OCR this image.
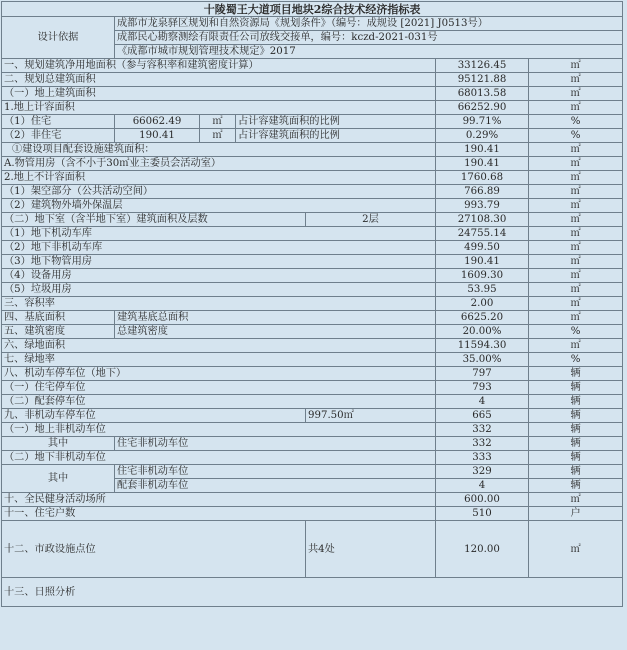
十陵蜀王大道项目地块2综合技术经济指标表						
设计依据	成都市龙泉驿区规划和自然资源局《规划条件》（编号：成规设 [2021] J0513号）					
	成都民心勘察测绘有限责任公司放线交接单，编号：kczd-2021-031号					
	《成都市城市规划管理技术规定》2017					
一、规划建筑净用地面积（参与容积率和建筑密度计算）					33126.45	㎡
二、规划总建筑面积					95121.88	㎡
（一）地上建筑面积					68013.58	㎡
1.地上计容面积					66252.90	㎡
（1）住宅	66062.49	㎡	占计容建筑面积的比例		99.71%	%
（2）非住宅	190.41	㎡	占计容建筑面积的比例		0.29%	%
①建设项目配套设施建筑面积：					190.41	㎡
A.物管用房（含不小于30㎡业主委员会活动室）					190.41	㎡
2.地上不计容面积					1760.68	㎡
（1）架空部分（公共活动空间）					766.89	㎡
（2）建筑物外墙外保温层					993.79	㎡
（二）地下室（含半地下室）建筑面积及层数				2层	27108.30	㎡
（1）地下机动车库					24755.14	㎡
（2）地下非机动车库					499.50	㎡
（3）地下物管用房					190.41	㎡
（4）设备用房					1609.30	㎡
（5）垃圾用房					53.95	㎡
三、容积率					2.00	㎡
四、基底面积	建筑基底总面积				6625.20	㎡
五、建筑密度	总建筑密度				20.00%	%
六、绿地面积					11594.30	㎡
七、绿地率					35.00%	%
八、机动车停车位（地下）					797	辆
（一）住宅停车位					793	辆
（二）配套停车位					4	辆
九、非机动车停车位				997.50㎡	665	辆
（一）地上非机动车位					332	辆
其中	住宅非机动车位				332	辆
（二）地下非机动车位					333	辆
其中	住宅非机动车位				329	辆
	配套非机动车位				4	辆
十、全民健身活动场所					600.00	㎡
十一、住宅户数					510	户
十二、市政设施点位				共4处	120.00	㎡
十三、日照分析						
